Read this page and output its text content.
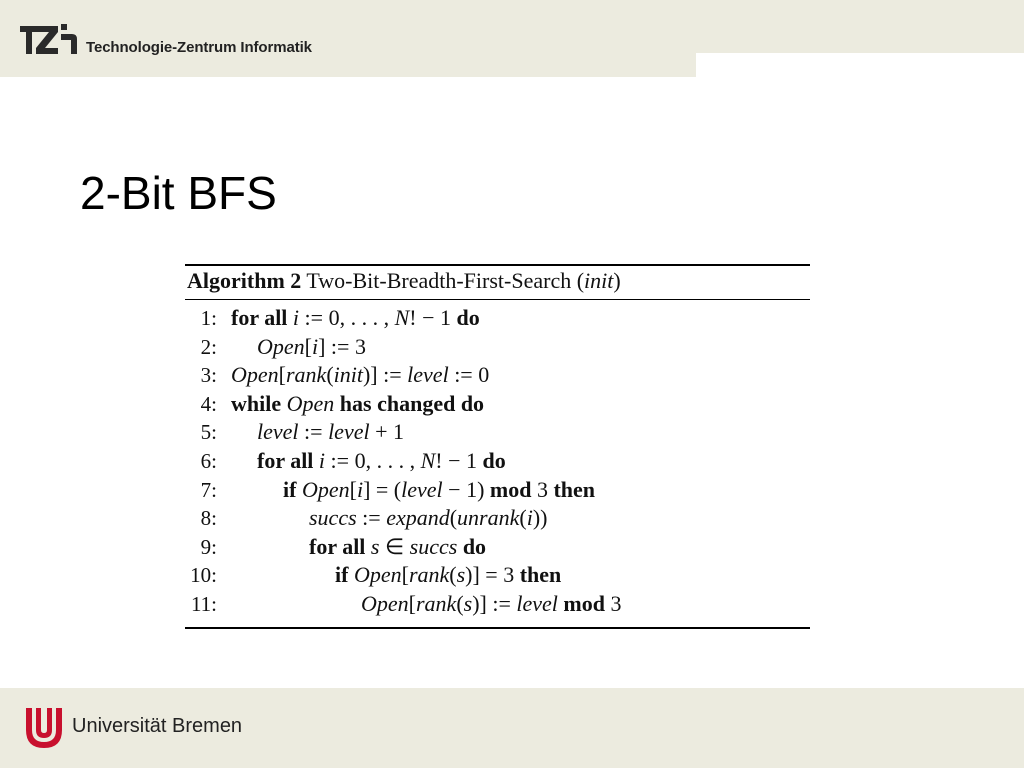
Technologie-Zentrum Informatik
2-Bit BFS
Algorithm 2 Two-Bit-Breadth-First-Search (init)
1: for all i := 0, . . . , N! − 1 do
2: Open[i] := 3
3: Open[rank(init)] := level := 0
4: while Open has changed do
5: level := level + 1
6: for all i := 0, . . . , N! − 1 do
7:	if Open[i] = (level − 1) mod 3 then
8:	succs := expand(unrank(i))
9:	for all s ∈ succs do
10:	if Open[rank(s)] = 3 then
11:	Open[rank(s)] := level mod 3
Universität Bremen
